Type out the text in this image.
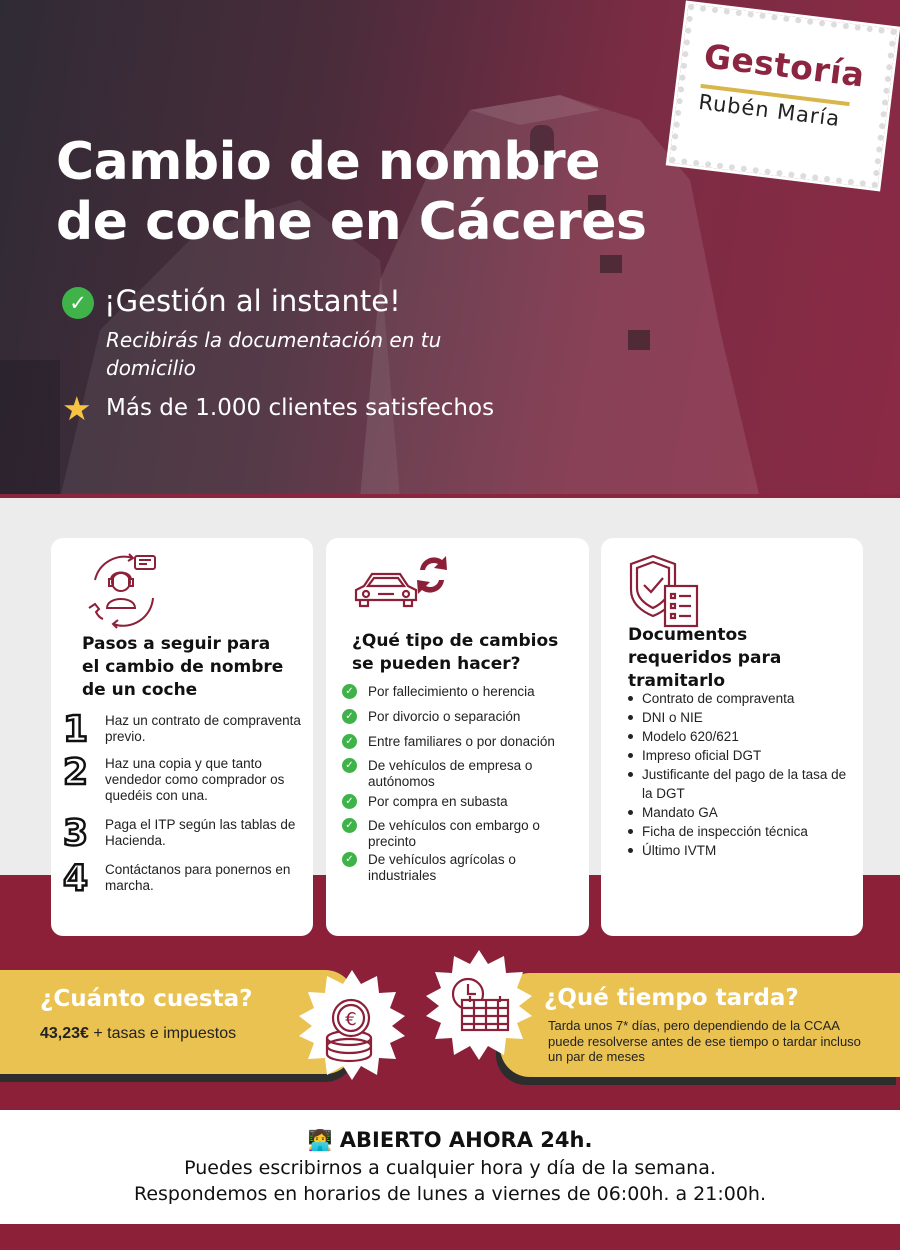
Gestoría
Rubén María
Cambio de nombre de coche en Cáceres
✓ ¡Gestión al instante!
Recibirás la documentación en tu domicilio
★ Más de 1.000 clientes satisfechos
Pasos a seguir para el cambio de nombre de un coche
1	Haz un contrato de compraventa previo.
2	Haz una copia y que tanto vendedor como comprador os quedéis con una.
3	Paga el ITP según las tablas de Hacienda.
4	Contáctanos para ponernos en marcha.
¿Qué tipo de cambios se pueden hacer?
✓ Por fallecimiento o herencia
✓ Por divorcio o separación
✓ Entre familiares o por donación
✓ De vehículos de empresa o autónomos
✓ Por compra en subasta
✓ De vehículos con embargo o precinto
✓ De vehículos agrícolas o industriales
Documentos requeridos para tramitarlo
Contrato de compraventa
DNI o NIE
Modelo 620/621
Impreso oficial DGT
Justificante del pago de la tasa de la DGT
Mandato GA
Ficha de inspección técnica
Último IVTM
¿Cuánto cuesta?
43,23€ + tasas e impuestos
€
¿Qué tiempo tarda?
Tarda unos 7* días, pero dependiendo de la CCAA puede resolverse antes de ese tiempo o tardar incluso un par de meses
👩‍💻 ABIERTO AHORA 24h.
Puedes escribirnos a cualquier hora y día de la semana.
Respondemos en horarios de lunes a viernes de 06:00h. a 21:00h.
